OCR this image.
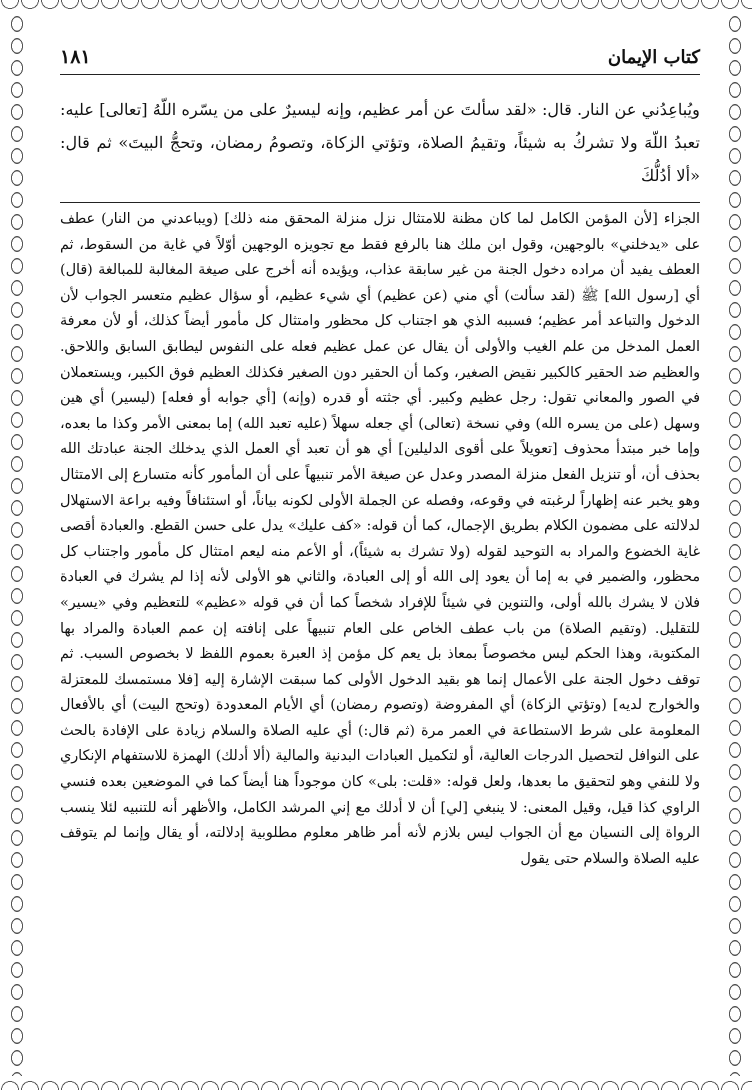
كتاب الإيمان
١٨١
ويُباعِدُني عن النار. قال: «لقد سألتَ عن أمر عظيم، وإنه ليسيرٌ على من يسّره اللّهُ [تعالى] عليه: تعبدُ اللّهَ ولا تشركُ به شيئاً، وتقيمُ الصلاة، وتؤتي الزكاة، وتصومُ رمضان، وتحجُّ البيتَ» ثم قال: «ألا أدُلُّكَ
الجزاء [لأن المؤمن الكامل لما كان مظنة للامتثال نزل منزلة المحقق منه ذلك] (ويباعدني من النار) عطف على «يدخلني» بالوجهين، وقول ابن ملك هنا بالرفع فقط مع تجويزه الوجهين أوّلاً في غاية من السقوط، ثم العطف يفيد أن مراده دخول الجنة من غير سابقة عذاب، ويؤيده أنه أخرج على صيغة المغالبة للمبالغة (قال) أي [رسول الله] ﷺ (لقد سألت) أي مني (عن عظيم) أي شيء عظيم، أو سؤال عظيم متعسر الجواب لأن الدخول والتباعد أمر عظيم؛ فسببه الذي هو اجتناب كل محظور وامتثال كل مأمور أيضاً كذلك، أو لأن معرفة العمل المدخل من علم الغيب والأولى أن يقال عن عمل عظيم فعله على النفوس ليطابق السابق واللاحق. والعظيم ضد الحقير كالكبير نقيض الصغير، وكما أن الحقير دون الصغير فكذلك العظيم فوق الكبير، ويستعملان في الصور والمعاني تقول: رجل عظيم وكبير. أي جثته أو قدره (وإنه) [أي جوابه أو فعله] (ليسير) أي هين وسهل (على من يسره الله) وفي نسخة (تعالى) أي جعله سهلاً (عليه تعبد الله) إما بمعنى الأمر وكذا ما بعده، وإما خبر مبتدأ محذوف [تعويلاً على أقوى الدليلين] أي هو أن تعبد أي العمل الذي يدخلك الجنة عبادتك الله بحذف أن، أو تنزيل الفعل منزلة المصدر وعدل عن صيغة الأمر تنبيهاً على أن المأمور كأنه متسارع إلى الامتثال وهو يخبر عنه إظهاراً لرغبته في وقوعه، وفصله عن الجملة الأولى لكونه بياناً، أو استئنافاً وفيه براعة الاستهلال لدلالته على مضمون الكلام بطريق الإجمال، كما أن قوله: «كف عليك» يدل على حسن القطع. والعبادة أقصى غاية الخضوع والمراد به التوحيد لقوله (ولا تشرك به شيئاً)، أو الأعم منه ليعم امتثال كل مأمور واجتناب كل محظور، والضمير في به إما أن يعود إلى الله أو إلى العبادة، والثاني هو الأولى لأنه إذا لم يشرك في العبادة فلان لا يشرك بالله أولى، والتنوين في شيئاً للإفراد شخصاً كما أن في قوله «عظيم» للتعظيم وفي «يسير» للتقليل. (وتقيم الصلاة) من باب عطف الخاص على العام تنبيهاً على إنافته إن عمم العبادة والمراد بها المكتوبة، وهذا الحكم ليس مخصوصاً بمعاذ بل يعم كل مؤمن إذ العبرة بعموم اللفظ لا بخصوص السبب. ثم توقف دخول الجنة على الأعمال إنما هو بقيد الدخول الأولى كما سبقت الإشارة إليه [فلا مستمسك للمعتزلة والخوارج لديه] (وتؤتي الزكاة) أي المفروضة (وتصوم رمضان) أي الأيام المعدودة (وتحج البيت) أي بالأفعال المعلومة على شرط الاستطاعة في العمر مرة (ثم قال:) أي عليه الصلاة والسلام زيادة على الإفادة بالحث على النوافل لتحصيل الدرجات العالية، أو لتكميل العبادات البدنية والمالية (ألا أدلك) الهمزة للاستفهام الإنكاري ولا للنفي وهو لتحقيق ما بعدها، ولعل قوله: «قلت: بلى» كان موجوداً هنا أيضاً كما في الموضعين بعده فنسي الراوي كذا قيل، وقيل المعنى: لا ينبغي [لي] أن لا أدلك مع إني المرشد الكامل، والأظهر أنه للتنبيه لئلا ينسب الرواة إلى النسيان مع أن الجواب ليس بلازم لأنه أمر ظاهر معلوم مطلوبية إدلالته، أو يقال وإنما لم يتوقف عليه الصلاة والسلام حتى يقول
